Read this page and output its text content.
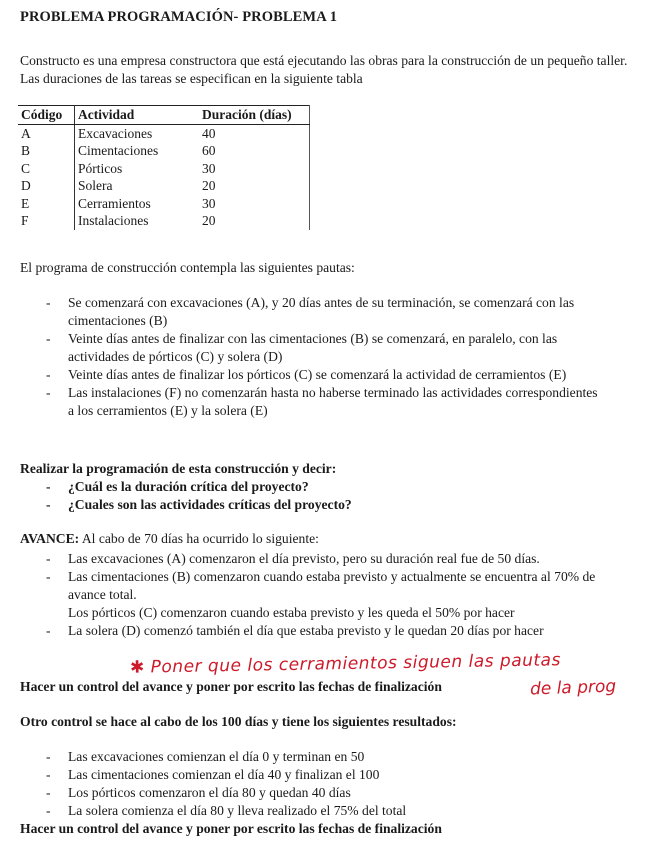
PROBLEMA PROGRAMACIÓN- PROBLEMA 1
Constructo es una empresa constructora que está ejecutando las obras para la construcción de un pequeño taller. Las duraciones de las tareas se especifican en la siguiente tabla
Código	Actividad	Duración (días)
A	Excavaciones	40
B	Cimentaciones	60
C	Pórticos	30
D	Solera	20
E	Cerramientos	30
F	Instalaciones	20
El programa de construcción contempla las siguientes pautas:
- Se comenzará con excavaciones (A), y 20 días antes de su terminación, se comenzará con las cimentaciones (B)
- Veinte días antes de finalizar con las cimentaciones (B) se comenzará, en paralelo, con las actividades de pórticos (C) y solera (D)
- Veinte días antes de finalizar los pórticos (C) se comenzará la actividad de cerramientos (E)
- Las instalaciones (F) no comenzarán hasta no haberse terminado las actividades correspondientes a los cerramientos (E) y la solera (E)
Realizar la programación de esta construcción y decir:
- ¿Cuál es la duración crítica del proyecto?
- ¿Cuales son las actividades críticas del proyecto?
AVANCE: Al cabo de 70 días ha ocurrido lo siguiente:
- Las excavaciones (A) comenzaron el día previsto, pero su duración real fue de 50 días.
- Las cimentaciones (B) comenzaron cuando estaba previsto y actualmente se encuentra al 70% de avance total.
Los pórticos (C) comenzaron cuando estaba previsto y les queda el 50% por hacer
- La solera (D) comenzó también el día que estaba previsto y le quedan 20 días por hacer
✱ Poner que los cerramientos siguen las pautas
de la prog
Hacer un control del avance y poner por escrito las fechas de finalización
Otro control se hace al cabo de los 100 días y tiene los siguientes resultados:
- Las excavaciones comienzan el día 0 y terminan en 50
- Las cimentaciones comienzan el día 40 y finalizan el 100
- Los pórticos comenzaron el día 80 y quedan 40 días
- La solera comienza el día 80 y lleva realizado el 75% del total
Hacer un control del avance y poner por escrito las fechas de finalización
